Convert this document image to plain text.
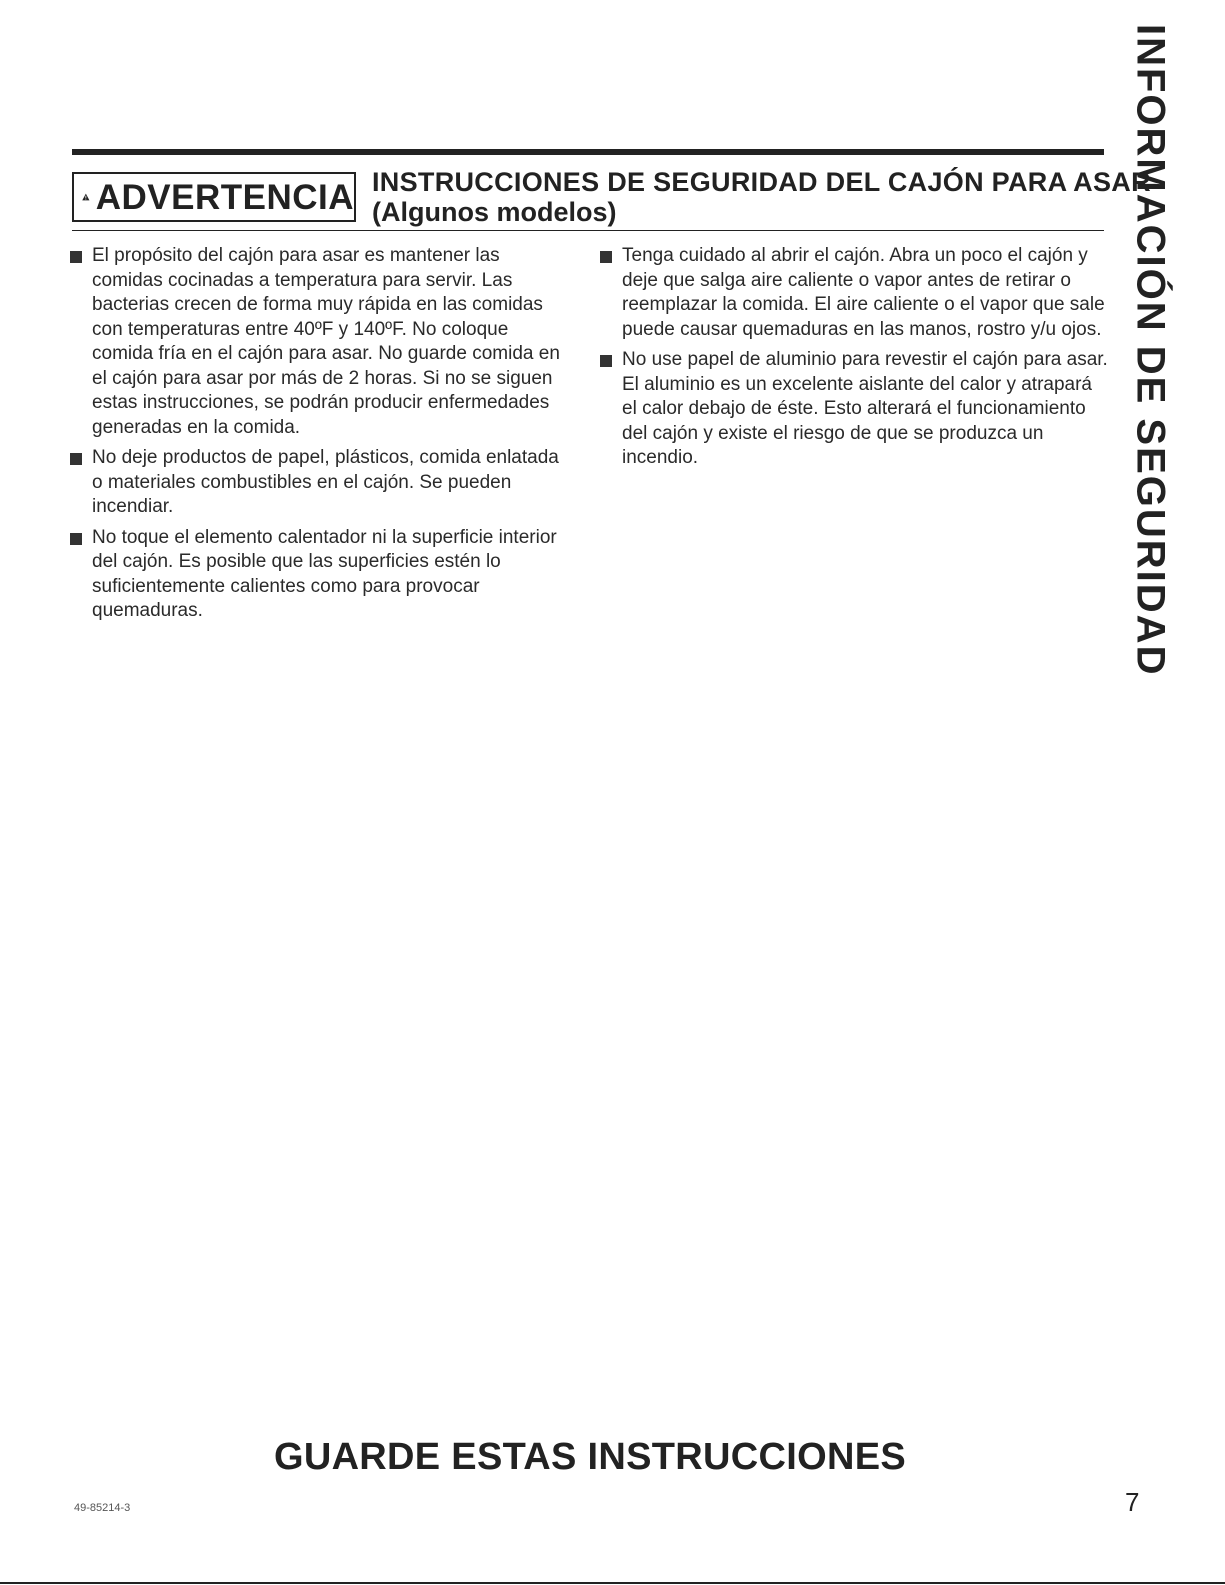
ADVERTENCIA INSTRUCCIONES DE SEGURIDAD DEL CAJÓN PARA ASAR
(Algunos modelos)
El propósito del cajón para asar es mantener las comidas cocinadas a temperatura para servir. Las bacterias crecen de forma muy rápida en las comidas con temperaturas entre 40ºF y 140ºF. No coloque comida fría en el cajón para asar. No guarde comida en el cajón para asar por más de 2 horas. Si no se siguen estas instrucciones, se podrán producir enfermedades generadas en la comida.
No deje productos de papel, plásticos, comida enlatada o materiales combustibles en el cajón. Se pueden incendiar.
No toque el elemento calentador ni la superficie interior del cajón. Es posible que las superficies estén lo suficientemente calientes como para provocar quemaduras.
Tenga cuidado al abrir el cajón. Abra un poco el cajón y deje que salga aire caliente o vapor antes de retirar o reemplazar la comida. El aire caliente o el vapor que sale puede causar quemaduras en las manos, rostro y/u ojos.
No use papel de aluminio para revestir el cajón para asar. El aluminio es un excelente aislante del calor y atrapará el calor debajo de éste. Esto alterará el funcionamiento del cajón y existe el riesgo de que se produzca un incendio.	INFORMACIÓN DE SEGURIDAD
GUARDE ESTAS INSTRUCCIONES
49-85214-3	7
